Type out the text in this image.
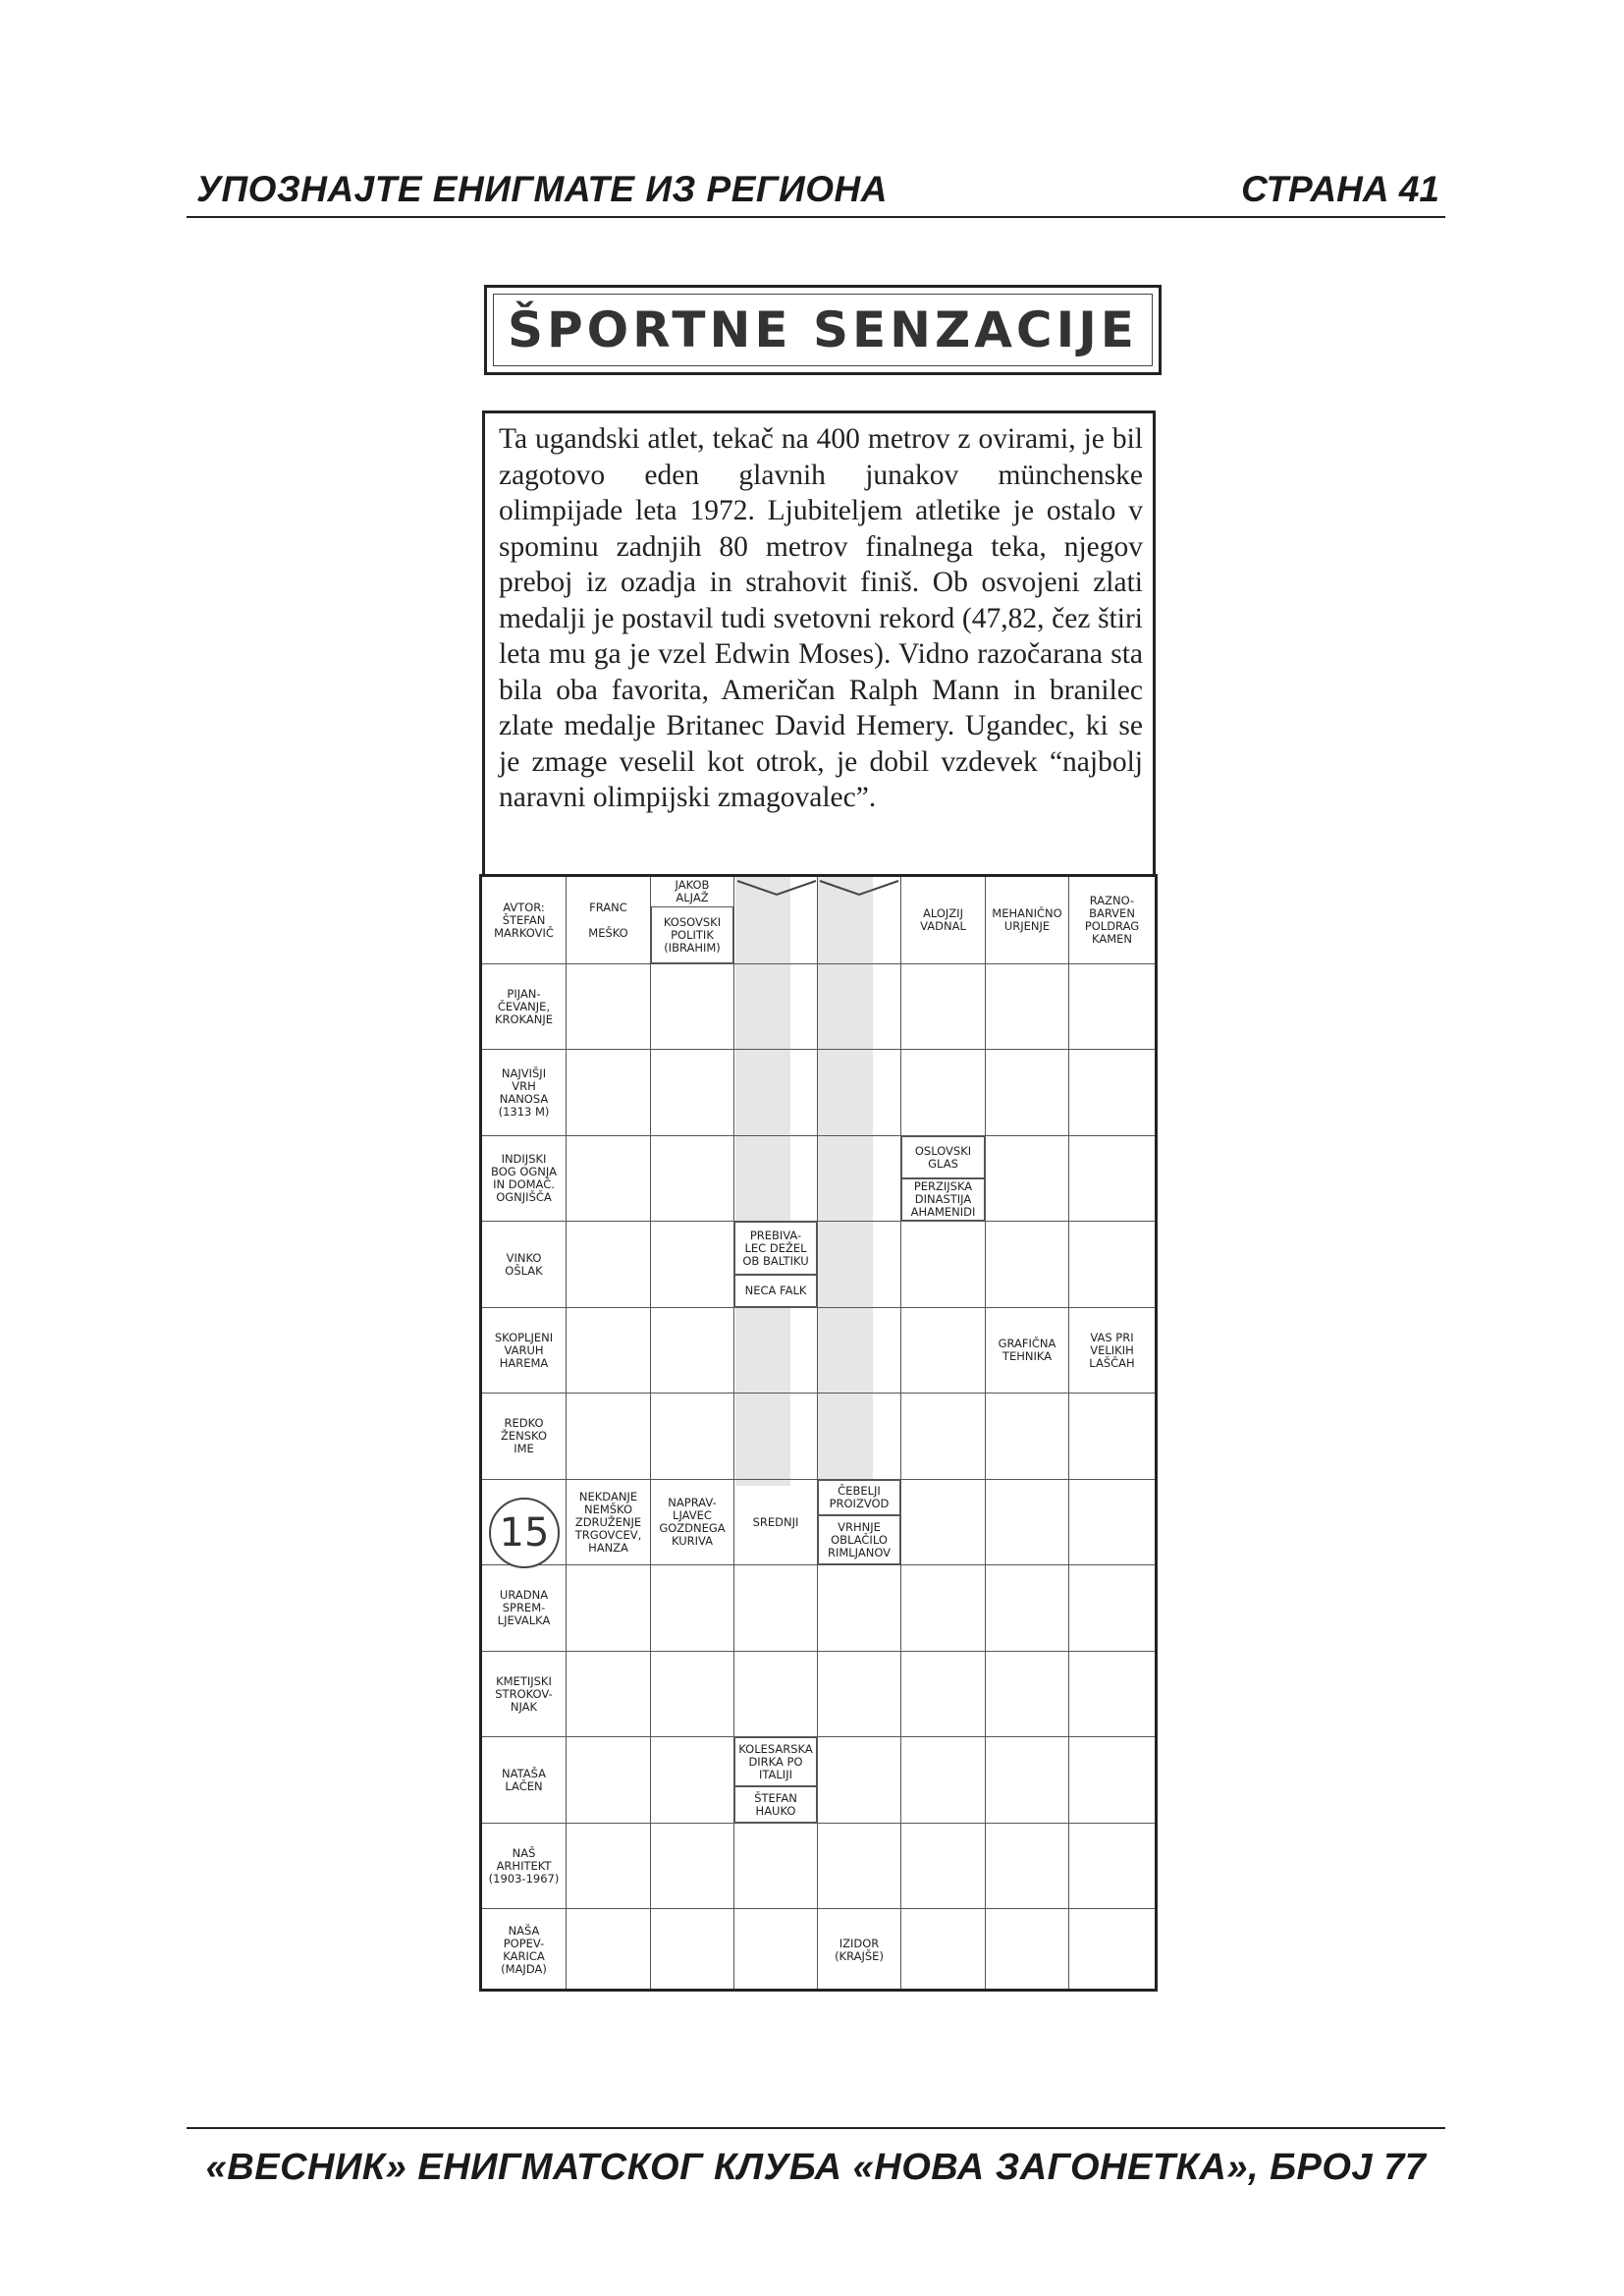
УПОЗНАЈТЕ ЕНИГМАТЕ ИЗ РЕГИОНА	СТРАНА 41
ŠPORTNE SENZACIJE
Ta ugandski atlet, tekač na 400 metrov z ovirami, je bil zagotovo eden glavnih junakov münchenske olimpijade leta 1972. Ljubiteljem atletike je ostalo v spominu zadnjih 80 metrov finalnega teka, njegov preboj iz ozadja in strahovit finiš. Ob osvojeni zlati medalji je postavil tudi svetovni rekord (47,82, čez štiri leta mu ga je vzel Edwin Moses). Vidno razočarana sta bila oba favorita, Američan Ralph Mann in branilec zlate medalje Britanec David Hemery. Ugandec, ki se je zmage veselil kot otrok, je dobil vzdevek “najbolj naravni olimpijski zmagovalec”.
AVTOR:
ŠTEFAN
MARKOVIČ
FRANC

MEŠKO
JAKOB
ALJAŽ
KOSOVSKI
POLITIK
(IBRAHIM)
ALOJZIJ
VADNAL
MEHANIČNO
URJENJE
RAZNO-
BARVEN
POLDRAG
KAMEN
PIJAN-
ČEVANJE,
KROKANJE
NAJVIŠJI
VRH
NANOSA
(1313 M)
INDIJSKI
BOG OGNJA
IN DOMAČ.
OGNJIŠČA
VINKO
OŠLAK
SKOPLJENI
VARUH
HAREMA
REDKO
ŽENSKO
IME
URADNA
SPREM-
LJEVALKA
KMETIJSKI
STROKOV-
NJAK
NATAŠA
LAČEN
NAŠ
ARHITEKT
(1903-1967)
NAŠA
POPEV-
KARICA
(MAJDA)
OSLOVSKI
GLAS
PERZIJSKA
DINASTIJA
AHAMENIDI
PREBIVA-
LEC DEŽEL
OB BALTIKU
NECA FALK
GRAFIČNA
TEHNIKA
VAS PRI
VELIKIH
LAŠČAH
15
NEKDANJE
NEMŠKO
ZDRUŽENJE
TRGOVCEV,
HANZA
NAPRAV-
LJAVEC
GOZDNEGA
KURIVA
SREDNJI
ČEBELJI
PROIZVOD
VRHNJE
OBLAČILO
RIMLJANOV
KOLESARSKA
DIRKA PO
ITALIJI
ŠTEFAN
HAUKO
IZIDOR
(KRAJŠE)
«ВЕСНИК» ЕНИГМАТСКОГ КЛУБА «НОВА ЗАГОНЕТКА», БРОЈ 77
